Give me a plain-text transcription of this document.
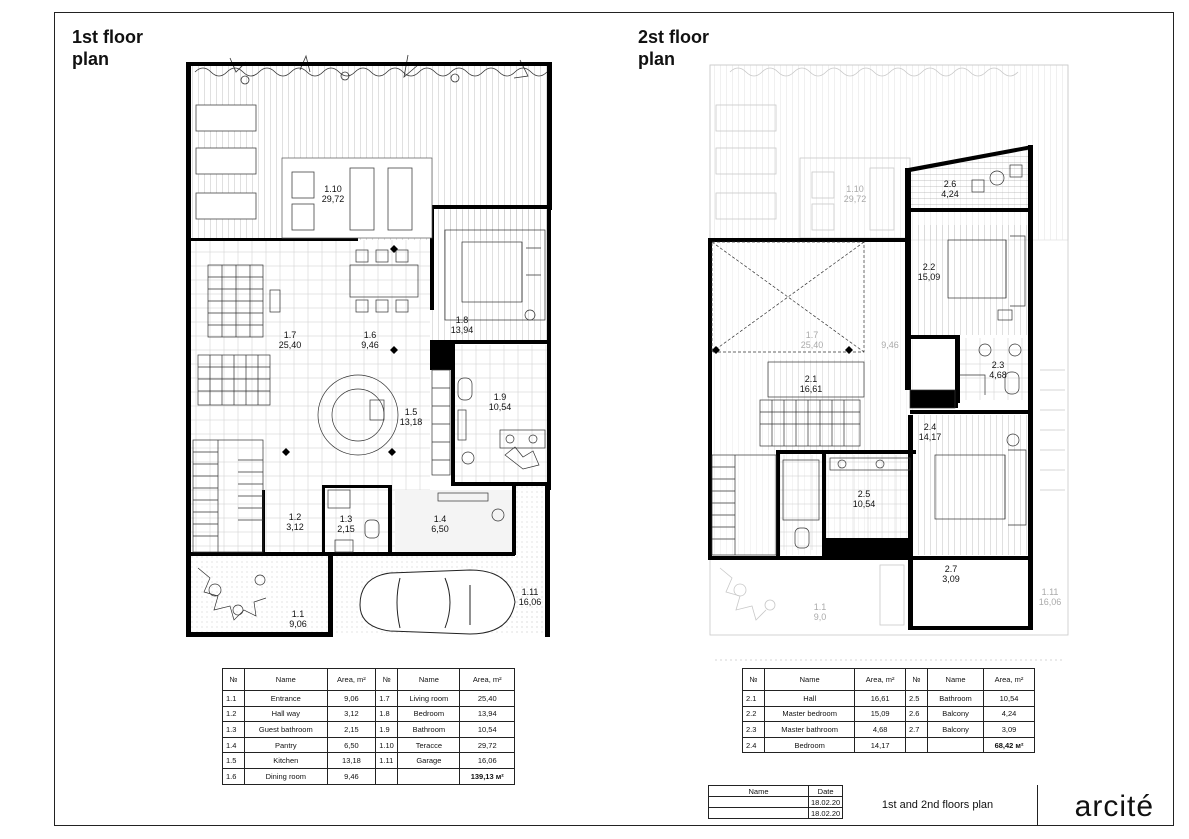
1st floor
plan
2st floor
plan
1.1
9,06
1.2
3,12
1.3
2,15
1.4
6,50
1.5
13,18
1.6
9,46
1.7
25,40
1.8
13,94
1.9
10,54
1.10
29,72
1.11
16,06
1.10
29,72
1.7
25,40	9,46
1.1
9,0
1.11
16,06
2.1
16,61
2.2
15,09
2.3
4,68
2.4
14,17
2.5
10,54
2.6
4,24
2.7
3,09
№	Name	Area, m²	№	Name	Area, m²
1.1	Entrance	9,06	1.7	Living room	25,40
1.2	Hall way	3,12	1.8	Bedroom	13,94
1.3	Guest bathroom	2,15	1.9	Bathroom	10,54
1.4	Pantry	6,50	1.10	Teracce	29,72
1.5	Kitchen	13,18	1.11	Garage	16,06
1.6	Dining room	9,46			139,13 м²
№	Name	Area, m²	№	Name	Area, m²
2.1	Hall	16,61	2.5	Bathroom	10,54
2.2	Master bedroom	15,09	2.6	Balcony	4,24
2.3	Master bathroom	4,68	2.7	Balcony	3,09
2.4	Bedroom	14,17			68,42 м²
Name	Date
	18.02.20
	18.02.20
1st and 2nd floors plan	arcité
